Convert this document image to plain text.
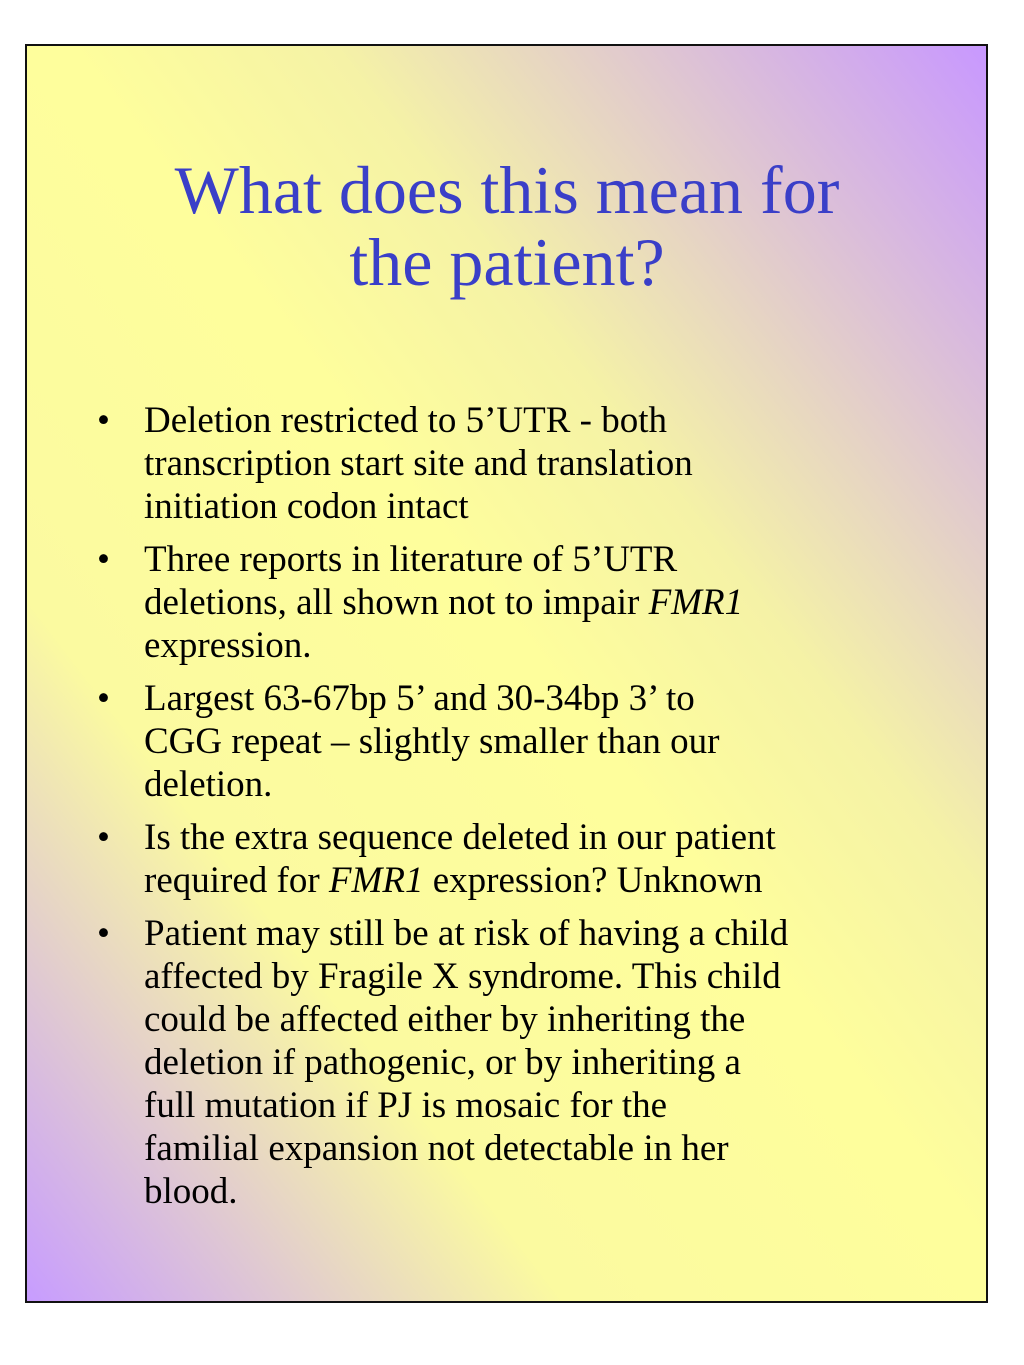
What does this mean for
the patient?
• Deletion restricted to 5’UTR - both
transcription start site and translation
initiation codon intact
• Three reports in literature of 5’UTR
deletions, all shown not to impair FMR1
expression.
• Largest 63-67bp 5’ and 30-34bp 3’ to
CGG repeat – slightly smaller than our
deletion.
• Is the extra sequence deleted in our patient
required for FMR1 expression? Unknown
• Patient may still be at risk of having a child
affected by Fragile X syndrome. This child
could be affected either by inheriting the
deletion if pathogenic, or by inheriting a
full mutation if PJ is mosaic for the
familial expansion not detectable in her
blood.
